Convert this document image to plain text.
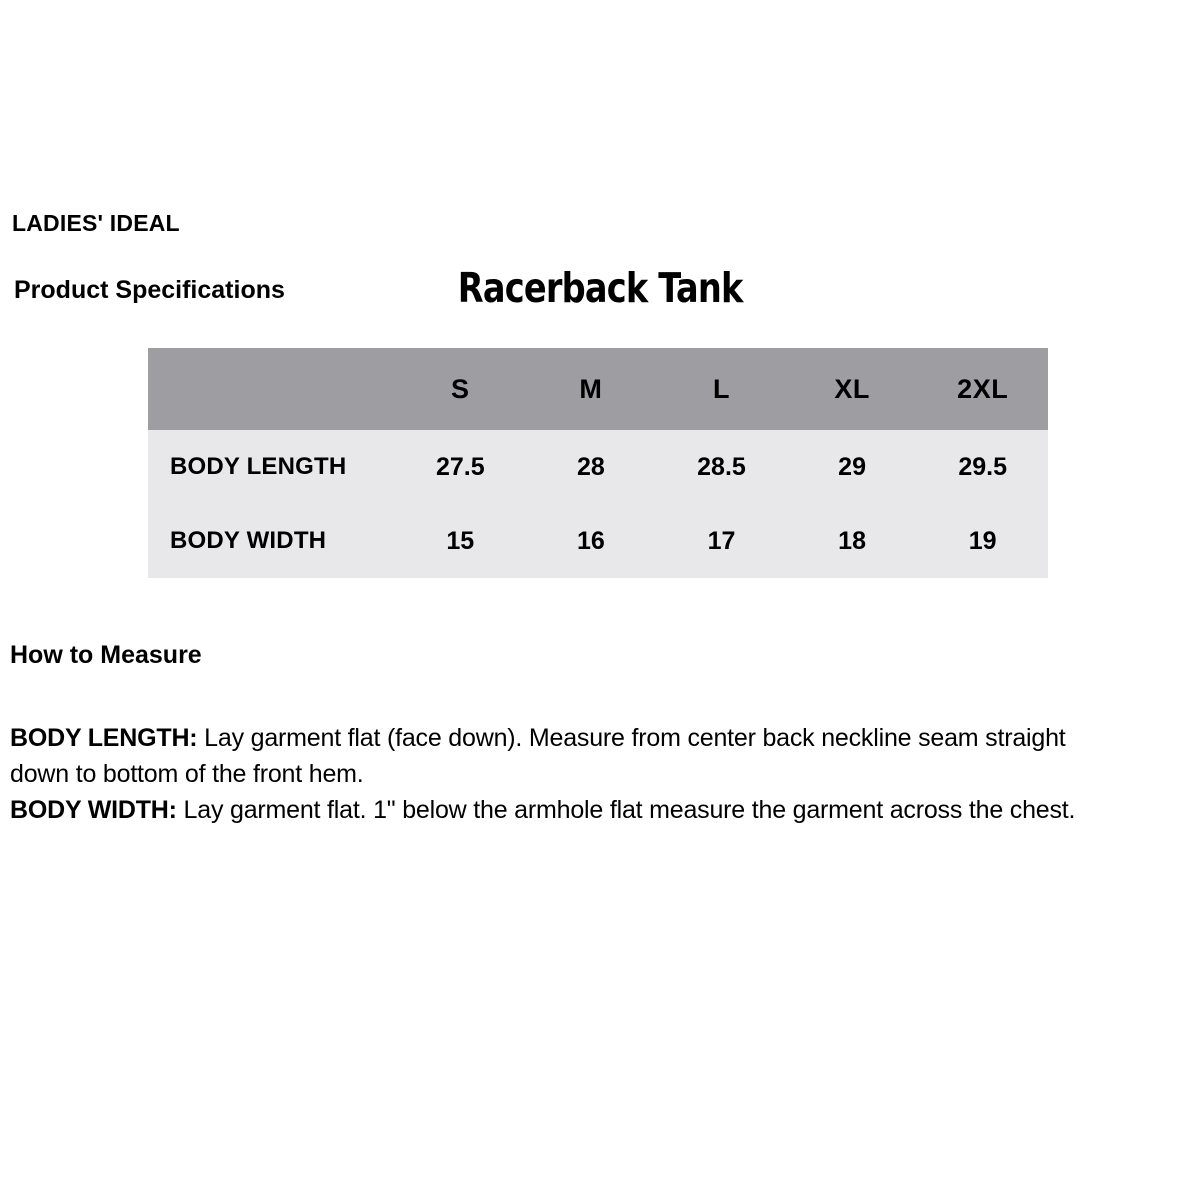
LADIES' IDEAL
Product Specifications	Racerback Tank
	S	M	L	XL	2XL
BODY LENGTH	27.5	28	28.5	29	29.5
BODY WIDTH	15	16	17	18	19
How to Measure

BODY LENGTH: Lay garment flat (face down). Measure from center back neckline seam straight
down to bottom of the front hem.

BODY WIDTH: Lay garment flat. 1" below the armhole flat measure the garment across the chest.
